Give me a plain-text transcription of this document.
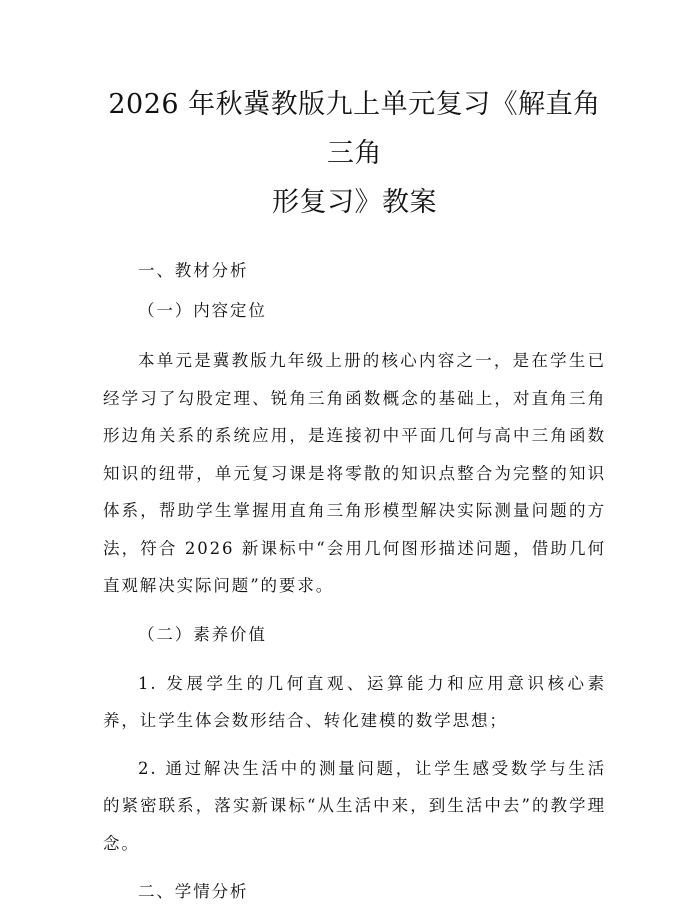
2026 年秋冀教版九上单元复习《解直角三角
形复习》教案

一、教材分析

（一）内容定位

本单元是冀教版九年级上册的核心内容之一，是在学生已经学习了勾股定理、锐角三角函数概念的基础上，对直角三角形边角关系的系统应用，是连接初中平面几何与高中三角函数知识的纽带，单元复习课是将零散的知识点整合为完整的知识体系，帮助学生掌握用直角三角形模型解决实际测量问题的方法，符合 2026 新课标中“会用几何图形描述问题，借助几何直观解决实际问题”的要求。

（二）素养价值

1. 发展学生的几何直观、运算能力和应用意识核心素养，让学生体会数形结合、转化建模的数学思想；

2. 通过解决生活中的测量问题，让学生感受数学与生活的紧密联系，落实新课标“从生活中来，到生活中去”的教学理念。

二、学情分析
